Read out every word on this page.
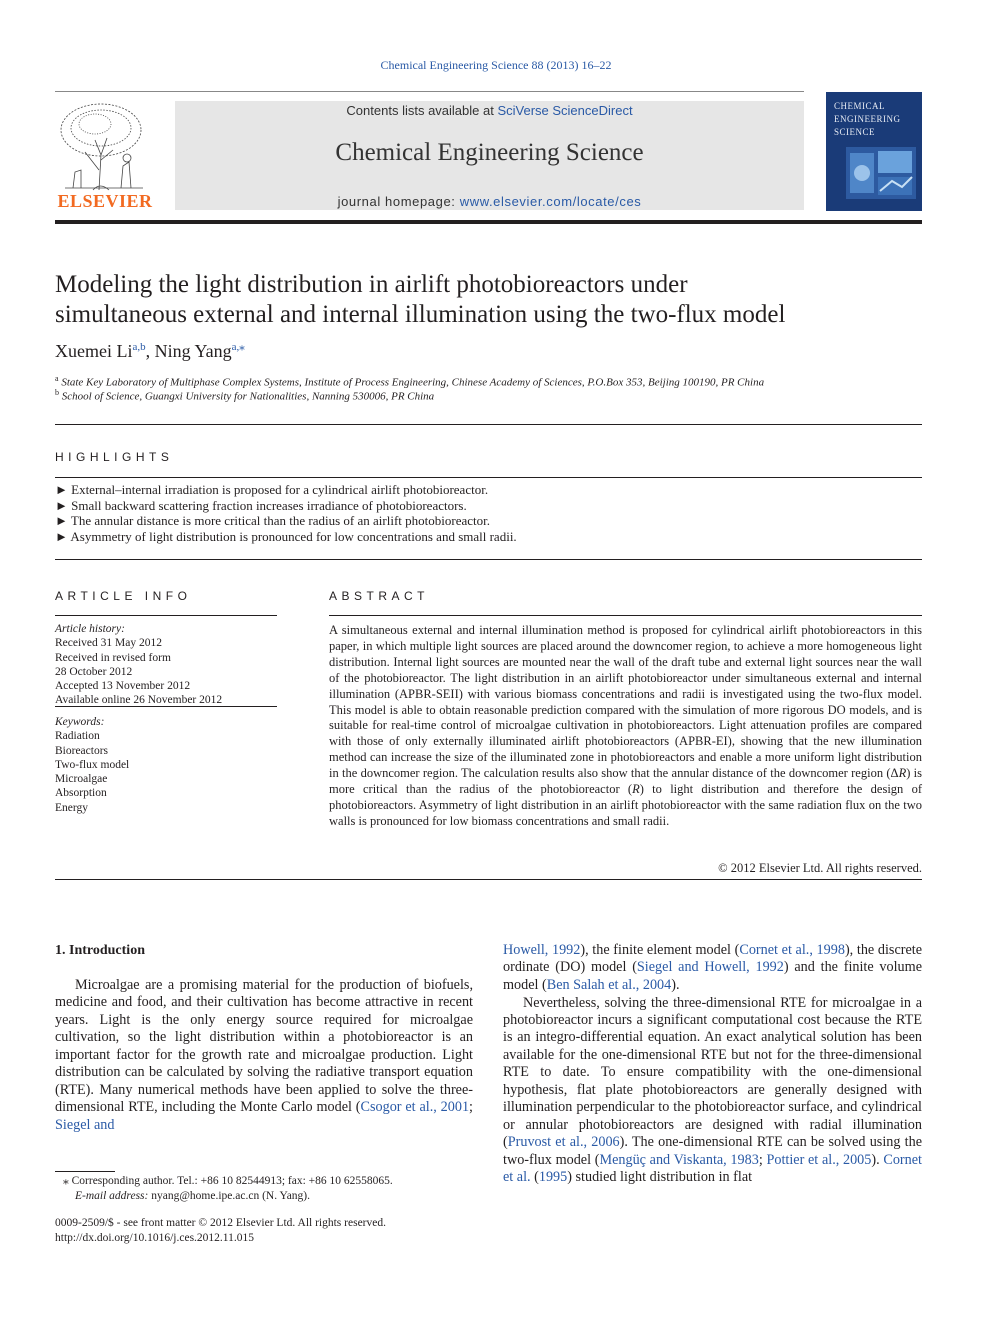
Chemical Engineering Science 88 (2013) 16–22
ELSEVIER
Contents lists available at SciVerse ScienceDirect
Chemical Engineering Science
journal homepage: www.elsevier.com/locate/ces
CHEMICAL
ENGINEERING
SCIENCE
Modeling the light distribution in airlift photobioreactors under
simultaneous external and internal illumination using the two-flux model
Xuemei Li$^{a,b}$, Ning Yang$^{a,⁎}$
$^a$ State Key Laboratory of Multiphase Complex Systems, Institute of Process Engineering, Chinese Academy of Sciences, P.O.Box 353, Beijing 100190, PR China
$^b$ School of Science, Guangxi University for Nationalities, Nanning 530006, PR China
HIGHLIGHTS
► External–internal irradiation is proposed for a cylindrical airlift photobioreactor.
► Small backward scattering fraction increases irradiance of photobioreactors.
► The annular distance is more critical than the radius of an airlift photobioreactor.
► Asymmetry of light distribution is pronounced for low concentrations and small radii.
ARTICLE INFO
Article history:
Received 31 May 2012
Received in revised form
28 October 2012
Accepted 13 November 2012
Available online 26 November 2012
Keywords:
Radiation
Bioreactors
Two-flux model
Microalgae
Absorption
Energy
ABSTRACT
A simultaneous external and internal illumination method is proposed for cylindrical airlift photobioreactors in this paper, in which multiple light sources are placed around the downcomer region, to achieve a more homogeneous light distribution. Internal light sources are mounted near the wall of the draft tube and external light sources near the wall of the photobioreactor. The light distribution in an airlift photobioreactor under simultaneous external and internal illumination (APBR-SEII) with various biomass concentrations and radii is investigated using the two-flux model. This model is able to obtain reasonable prediction compared with the simulation of more rigorous DO models, and is suitable for real-time control of microalgae cultivation in photobioreactors. Light attenuation profiles are compared with those of only externally illuminated airlift photobioreactors (APBR-EI), showing that the new illumination method can increase the size of the illuminated zone in photobioreactors and enable a more uniform light distribution in the downcomer region. The calculation results also show that the annular distance of the downcomer region (ΔR) is more critical than the radius of the photobioreactor (R) to light distribution and therefore the design of photobioreactors. Asymmetry of light distribution in an airlift photobioreactor with the same radiation flux on the two walls is pronounced for low biomass concentrations and small radii.
© 2012 Elsevier Ltd. All rights reserved.
1. Introduction
Microalgae are a promising material for the production of biofuels, medicine and food, and their cultivation has become attractive in recent years. Light is the only energy source required for microalgae cultivation, so the light distribution within a photobioreactor is an important factor for the growth rate and microalgae production. Light distribution can be calculated by solving the radiative transport equation (RTE). Many numerical methods have been applied to solve the three-dimensional RTE, including the Monte Carlo model (Csogor et al., 2001; Siegel and
⁎ Corresponding author. Tel.: +86 10 82544913; fax: +86 10 62558065.
E-mail address: nyang@home.ipe.ac.cn (N. Yang).
0009-2509/$ - see front matter © 2012 Elsevier Ltd. All rights reserved.
http://dx.doi.org/10.1016/j.ces.2012.11.015
Howell, 1992), the finite element model (Cornet et al., 1998), the discrete ordinate (DO) model (Siegel and Howell, 1992) and the finite volume model (Ben Salah et al., 2004).
Nevertheless, solving the three-dimensional RTE for microalgae in a photobioreactor incurs a significant computational cost because the RTE is an integro-differential equation. An exact analytical solution has been available for the one-dimensional RTE but not for the three-dimensional RTE to date. To ensure compatibility with the one-dimensional hypothesis, flat plate photobioreactors are generally designed with illumination perpendicular to the photobioreactor surface, and cylindrical or annular photobioreactors are designed with radial illumination (Pruvost et al., 2006). The one-dimensional RTE can be solved using the two-flux model (Mengüç and Viskanta, 1983; Pottier et al., 2005). Cornet et al. (1995) studied light distribution in flat
